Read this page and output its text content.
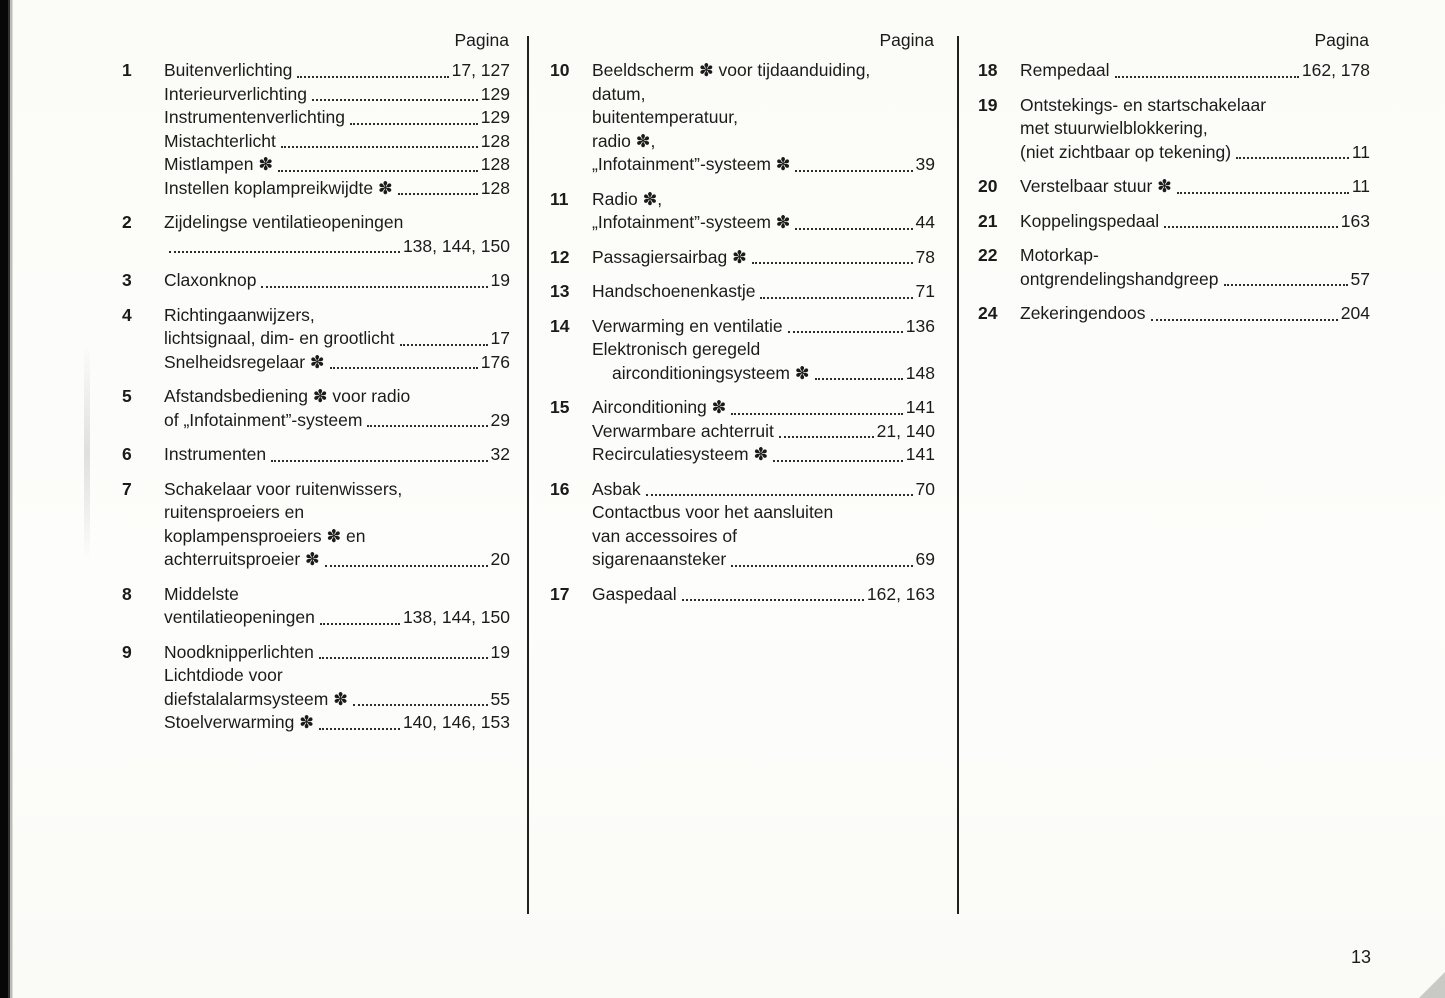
Pagina
1	Buitenverlichting	17, 127
Interieurverlichting	129
Instrumentenverlichting	129
Mistachterlicht	128
Mistlampen ✽	128
Instellen koplampreikwijdte ✽	128
2	Zijdelingse ventilatieopeningen
138, 144, 150
3	Claxonknop	19
4	Richtingaanwijzers,
lichtsignaal, dim- en grootlicht	17
Snelheidsregelaar ✽	176
5	Afstandsbediening ✽ voor radio
of „Infotainment”-systeem	29
6	Instrumenten	32
7	Schakelaar voor ruitenwissers,
ruitensproeiers en
koplampensproeiers ✽ en
achterruitsproeier ✽	20
8	Middelste
ventilatieopeningen	138, 144, 150
9	Noodknipperlichten	19
Lichtdiode voor
diefstalalarmsysteem ✽	55
Stoelverwarming ✽	140, 146, 153
Pagina
10	Beeldscherm ✽ voor tijdaanduiding,
datum,
buitentemperatuur,
radio ✽,
„Infotainment”-systeem ✽	39
11	Radio ✽,
„Infotainment”-systeem ✽	44
12	Passagiersairbag ✽	78
13	Handschoenenkastje	71
14	Verwarming en ventilatie	136
Elektronisch geregeld
airconditioningsysteem ✽	148
15	Airconditioning ✽	141
Verwarmbare achterruit	21, 140
Recirculatiesysteem ✽	141
16	Asbak	70
Contactbus voor het aansluiten
van accessoires of
sigarenaansteker	69
17	Gaspedaal	162, 163
Pagina
18	Rempedaal	162, 178
19	Ontstekings- en startschakelaar
met stuurwielblokkering,
(niet zichtbaar op tekening)	11
20	Verstelbaar stuur ✽	11
21	Koppelingspedaal	163
22	Motorkap-
ontgrendelingshandgreep	57
24	Zekeringendoos	204
13
